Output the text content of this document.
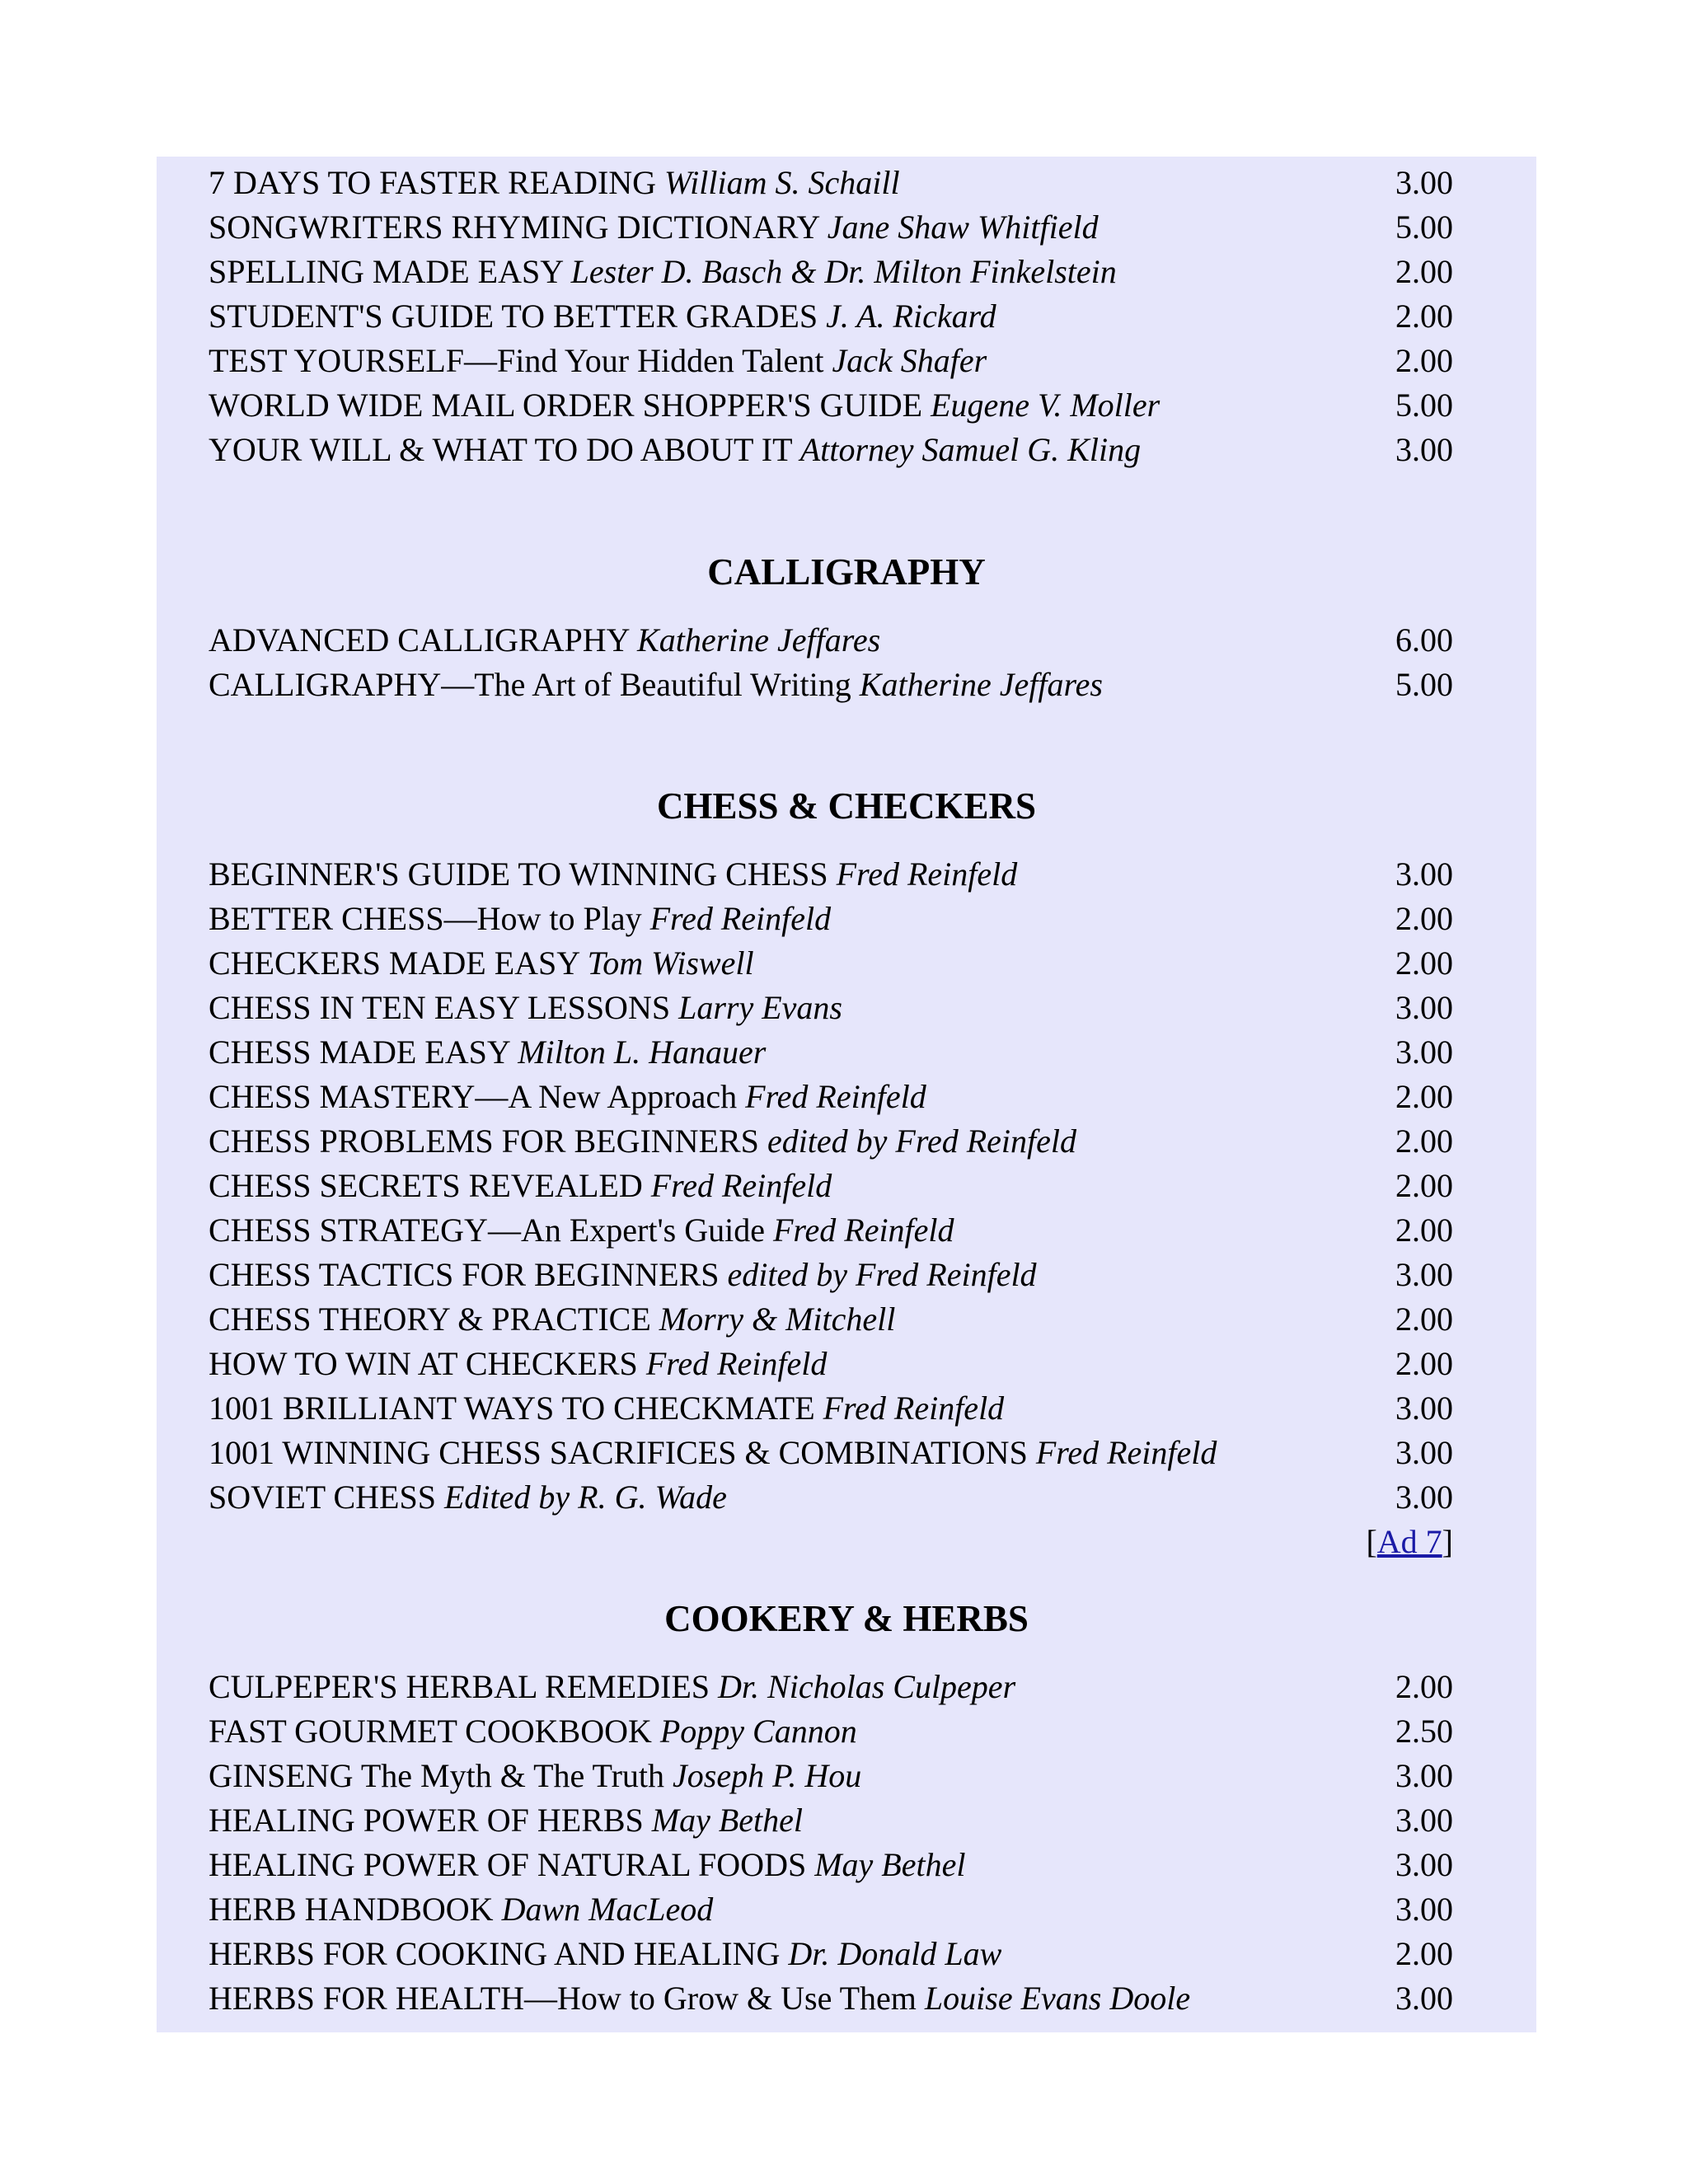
7 DAYS TO FASTER READING William S. Schaill	3.00
SONGWRITERS RHYMING DICTIONARY Jane Shaw Whitfield	5.00
SPELLING MADE EASY Lester D. Basch & Dr. Milton Finkelstein	2.00
STUDENT'S GUIDE TO BETTER GRADES J. A. Rickard	2.00
TEST YOURSELF—Find Your Hidden Talent Jack Shafer	2.00
WORLD WIDE MAIL ORDER SHOPPER'S GUIDE Eugene V. Moller	5.00
YOUR WILL & WHAT TO DO ABOUT IT Attorney Samuel G. Kling	3.00
CALLIGRAPHY
ADVANCED CALLIGRAPHY Katherine Jeffares	6.00
CALLIGRAPHY—The Art of Beautiful Writing Katherine Jeffares	5.00
CHESS & CHECKERS
BEGINNER'S GUIDE TO WINNING CHESS Fred Reinfeld	3.00
BETTER CHESS—How to Play Fred Reinfeld	2.00
CHECKERS MADE EASY Tom Wiswell	2.00
CHESS IN TEN EASY LESSONS Larry Evans	3.00
CHESS MADE EASY Milton L. Hanauer	3.00
CHESS MASTERY—A New Approach Fred Reinfeld	2.00
CHESS PROBLEMS FOR BEGINNERS edited by Fred Reinfeld	2.00
CHESS SECRETS REVEALED Fred Reinfeld	2.00
CHESS STRATEGY—An Expert's Guide Fred Reinfeld	2.00
CHESS TACTICS FOR BEGINNERS edited by Fred Reinfeld	3.00
CHESS THEORY & PRACTICE Morry & Mitchell	2.00
HOW TO WIN AT CHECKERS Fred Reinfeld	2.00
1001 BRILLIANT WAYS TO CHECKMATE Fred Reinfeld	3.00
1001 WINNING CHESS SACRIFICES & COMBINATIONS Fred Reinfeld	3.00
SOVIET CHESS Edited by R. G. Wade	3.00
[Ad 7]
COOKERY & HERBS
CULPEPER'S HERBAL REMEDIES Dr. Nicholas Culpeper	2.00
FAST GOURMET COOKBOOK Poppy Cannon	2.50
GINSENG The Myth & The Truth Joseph P. Hou	3.00
HEALING POWER OF HERBS May Bethel	3.00
HEALING POWER OF NATURAL FOODS May Bethel	3.00
HERB HANDBOOK Dawn MacLeod	3.00
HERBS FOR COOKING AND HEALING Dr. Donald Law	2.00
HERBS FOR HEALTH—How to Grow & Use Them Louise Evans Doole	3.00
